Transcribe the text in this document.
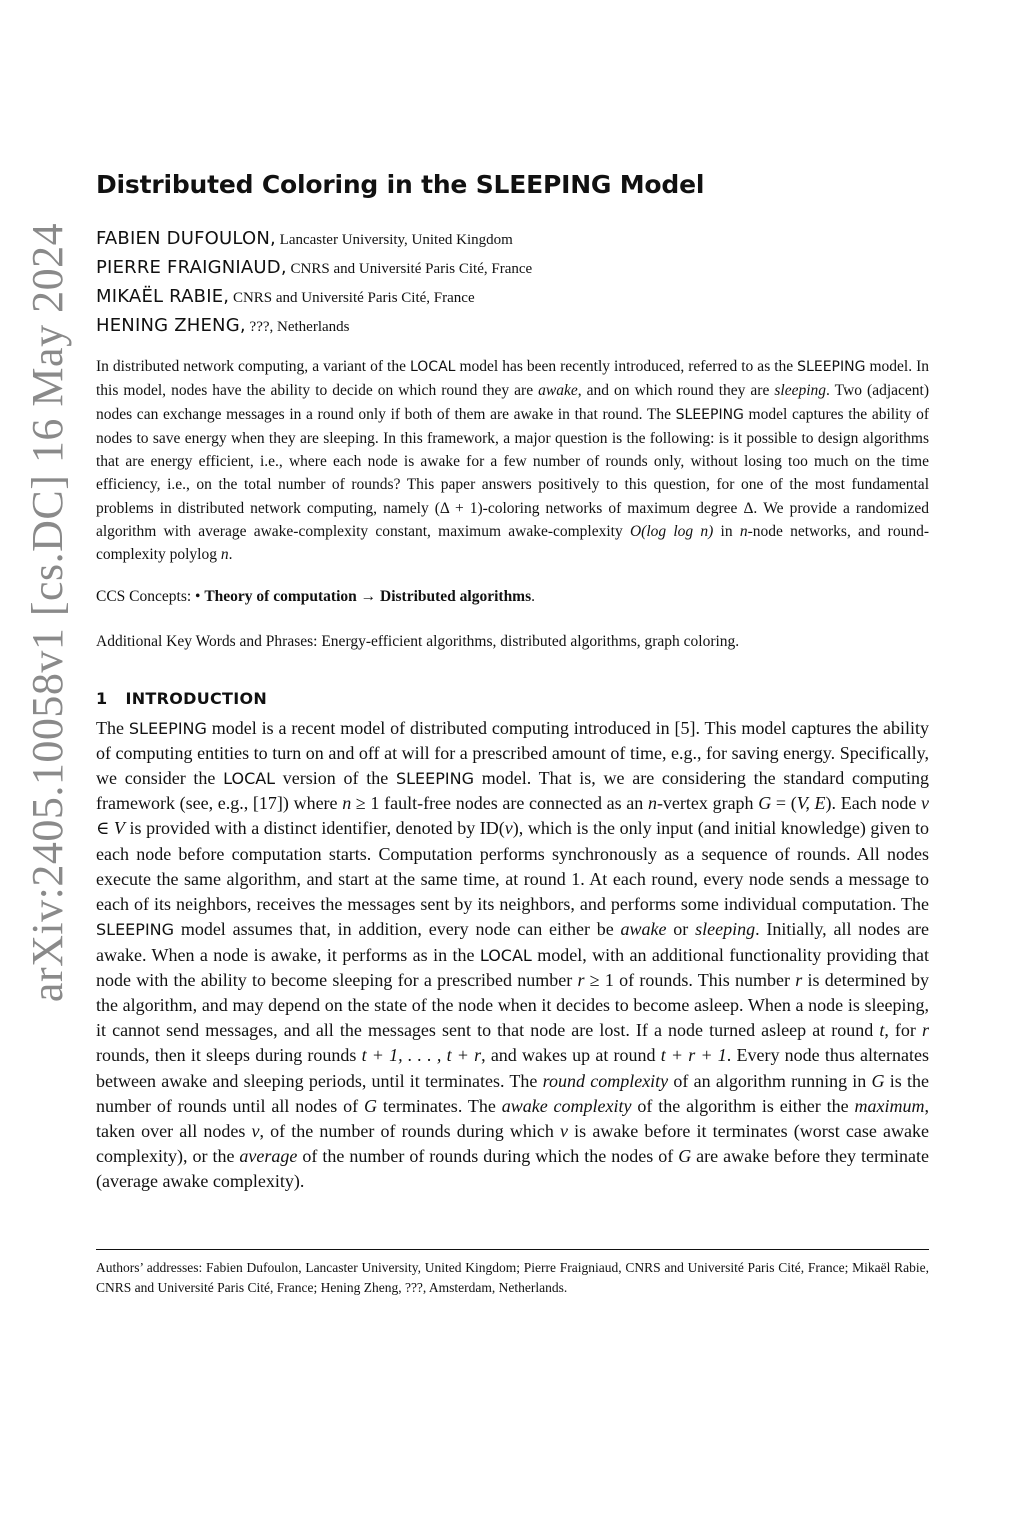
arXiv:2405.10058v1 [cs.DC] 16 May 2024
Distributed Coloring in the SLEEPING Model
FABIEN DUFOULON, Lancaster University, United Kingdom
PIERRE FRAIGNIAUD, CNRS and Université Paris Cité, France
MIKAËL RABIE, CNRS and Université Paris Cité, France
HENING ZHENG, ???, Netherlands

In distributed network computing, a variant of the LOCAL model has been recently introduced, referred to as the SLEEPING model. In this model, nodes have the ability to decide on which round they are awake, and on which round they are sleeping. Two (adjacent) nodes can exchange messages in a round only if both of them are awake in that round. The SLEEPING model captures the ability of nodes to save energy when they are sleeping. In this framework, a major question is the following: is it possible to design algorithms that are energy efficient, i.e., where each node is awake for a few number of rounds only, without losing too much on the time efficiency, i.e., on the total number of rounds? This paper answers positively to this question, for one of the most fundamental problems in distributed network computing, namely (Δ + 1)-coloring networks of maximum degree Δ. We provide a randomized algorithm with average awake-complexity constant, maximum awake-complexity O(log log n) in n-node networks, and round-complexity polylog n.

CCS Concepts: • Theory of computation → Distributed algorithms.

Additional Key Words and Phrases: Energy-efficient algorithms, distributed algorithms, graph coloring.

1 INTRODUCTION

The SLEEPING model is a recent model of distributed computing introduced in [5]. This model captures the ability of computing entities to turn on and off at will for a prescribed amount of time, e.g., for saving energy. Specifically, we consider the LOCAL version of the SLEEPING model. That is, we are considering the standard computing framework (see, e.g., [17]) where n ≥ 1 fault-free nodes are connected as an n-vertex graph G = (V, E). Each node v ∈ V is provided with a distinct identifier, denoted by ID(v), which is the only input (and initial knowledge) given to each node before computation starts. Computation performs synchronously as a sequence of rounds. All nodes execute the same algorithm, and start at the same time, at round 1. At each round, every node sends a message to each of its neighbors, receives the messages sent by its neighbors, and performs some individual computation. The SLEEPING model assumes that, in addition, every node can either be awake or sleeping. Initially, all nodes are awake. When a node is awake, it performs as in the LOCAL model, with an additional functionality providing that node with the ability to become sleeping for a prescribed number r ≥ 1 of rounds. This number r is determined by the algorithm, and may depend on the state of the node when it decides to become asleep. When a node is sleeping, it cannot send messages, and all the messages sent to that node are lost. If a node turned asleep at round t, for r rounds, then it sleeps during rounds t + 1, . . . , t + r, and wakes up at round t + r + 1. Every node thus alternates between awake and sleeping periods, until it terminates. The round complexity of an algorithm running in G is the number of rounds until all nodes of G terminates. The awake complexity of the algorithm is either the maximum, taken over all nodes v, of the number of rounds during which v is awake before it terminates (worst case awake complexity), or the average of the number of rounds during which the nodes of G are awake before they terminate (average awake complexity).

Authors’ addresses: Fabien Dufoulon, Lancaster University, United Kingdom; Pierre Fraigniaud, CNRS and Université Paris Cité, France; Mikaël Rabie, CNRS and Université Paris Cité, France; Hening Zheng, ???, Amsterdam, Netherlands.
